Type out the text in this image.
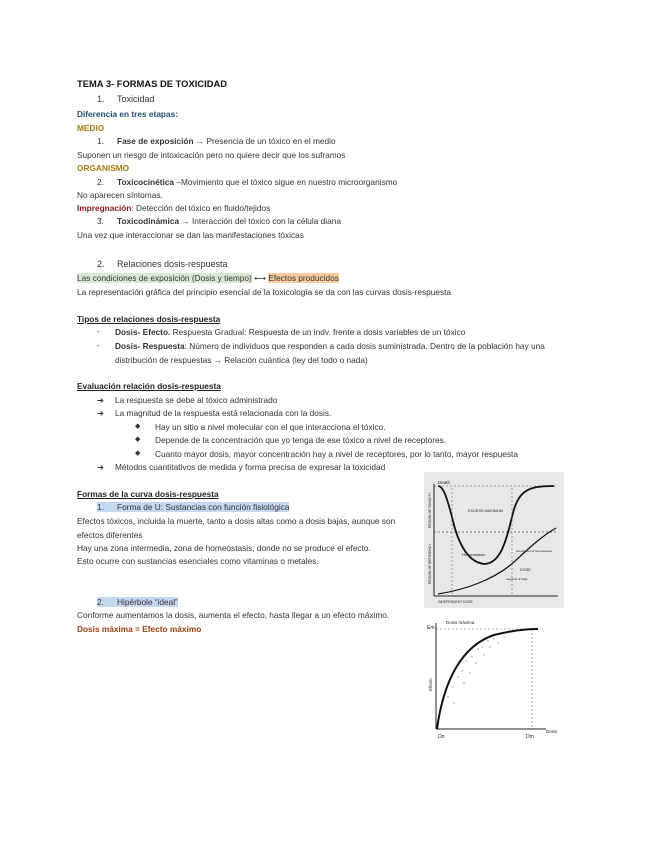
TEMA 3- FORMAS DE TOXICIDAD
1. Toxicidad
Diferencia en tres etapas:
MEDIO
1. Fase de exposición → Presencia de un tóxico en el medio
Suponen un riesgo de intoxicación pero no quiere decir que los suframos
ORGANISMO
2. Toxicocinética –Movimiento que el tóxico sigue en nuestro microorganismo
No aparecen síntomas.
Impregnación: Detección del tóxico en fluido/tejidos
3. Toxicodinámica → Interacción del tóxico con la célula diana
Una vez que interaccionar se dan las manifestaciones tóxicas
2. Relaciones dosis-respuesta
Las condiciones de exposición (Dosis y tiempo) ⟷ Efectos producidos
La representación gráfica del principio esencial de la toxicología se da con las curvas dosis-respuesta
Tipos de relaciones dosis-respuesta
- Dosis- Efecto. Respuesta Gradual: Respuesta de un indv. frente a dosis variables de un tóxico
- Dosis- Respuesta: Número de individuos que responden a cada dosis suministrada. Dentro de la población hay una
distribución de respuestas → Relación cuántica (ley del todo o nada)
Evaluación relación dosis-respuesta
➔ La respuesta se debe al tóxico administrado
➔ La magnitud de la respuesta está relacionada con la dosis.
◆ Hay un sitio a nivel molecular con el que interacciona el tóxico.
◆ Depende de la concentración que yo tenga de ese tóxico a nivel de receptores.
◆ Cuanto mayor dosis, mayor concentración hay a nivel de receptores, por lo tanto, mayor respuesta
➔ Métodos cuantitativos de medida y forma precisa de expresar la toxicidad
Formas de la curva dosis-respuesta
1. Forma de U: Sustancias con función fisiológica
Efectos tóxicos, incluida la muerte, tanto a dosis altas como a dosis bajas, aunque son
efectos diferentes
Hay una zona intermedia, zona de homeostasis, donde no se produce el efecto.
Esto ocurre con sustancias esenciales como vitaminas o metales.
2. Hipérbole “ideal”
Conforme aumentamos la dosis, aumenta el efecto, hasta llegar a un efecto máximo.
Dosis máxima = Efecto máximo
Death
REGION OF TOXICITY
REGION OF DEFICIENCY
EXCESS MAXIMUM
Homeostasis
boundaries of homeostasis
DOSE
required of body
INDEPENDENT DOSE
Em
Efecto
Dosis máxima
Dosis
Do	Dm
